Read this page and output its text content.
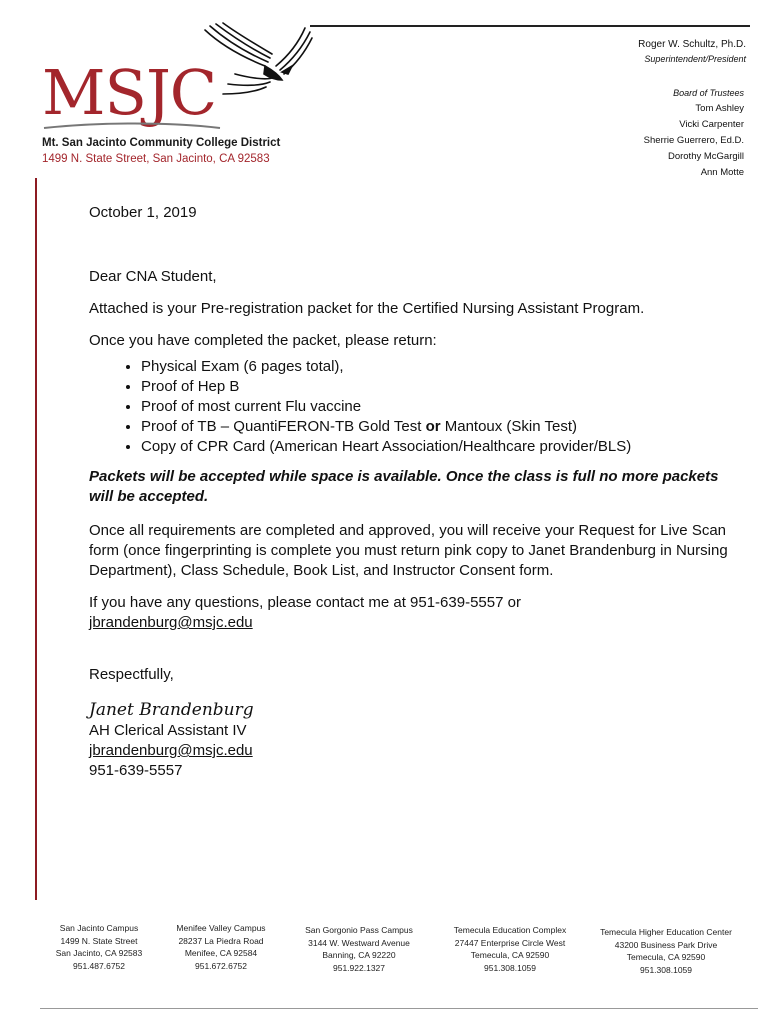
MSJC
Mt. San Jacinto Community College District
1499 N. State Street, San Jacinto, CA 92583
Roger W. Schultz, Ph.D.
Superintendent/President
Board of Trustees
Tom Ashley
Vicki Carpenter
Sherrie Guerrero, Ed.D.
Dorothy McGargill
Ann Motte

October 1, 2019

Dear CNA Student,

Attached is your Pre-registration packet for the Certified Nursing Assistant Program.

Once you have completed the packet, please return:

• Physical Exam (6 pages total),
• Proof of Hep B
• Proof of most current Flu vaccine
• Proof of TB – QuantiFERON-TB Gold Test or Mantoux (Skin Test)
• Copy of CPR Card (American Heart Association/Healthcare provider/BLS)

Packets will be accepted while space is available. Once the class is full no more packets will be accepted.

Once all requirements are completed and approved, you will receive your Request for Live Scan form (once fingerprinting is complete you must return pink copy to Janet Brandenburg in Nursing Department), Class Schedule, Book List, and Instructor Consent form.

If you have any questions, please contact me at 951-639-5557 or

jbrandenburg@msjc.edu

Respectfully,

Janet Brandenburg

AH Clerical Assistant IV

jbrandenburg@msjc.edu

951-639-5557

San Jacinto Campus
1499 N. State Street
San Jacinto, CA 92583
951.487.6752
Menifee Valley Campus
28237 La Piedra Road
Menifee, CA 92584
951.672.6752
San Gorgonio Pass Campus
3144 W. Westward Avenue
Banning, CA 92220
951.922.1327
Temecula Education Complex
27447 Enterprise Circle West
Temecula, CA 92590
951.308.1059
Temecula Higher Education Center
43200 Business Park Drive
Temecula, CA 92590
951.308.1059
